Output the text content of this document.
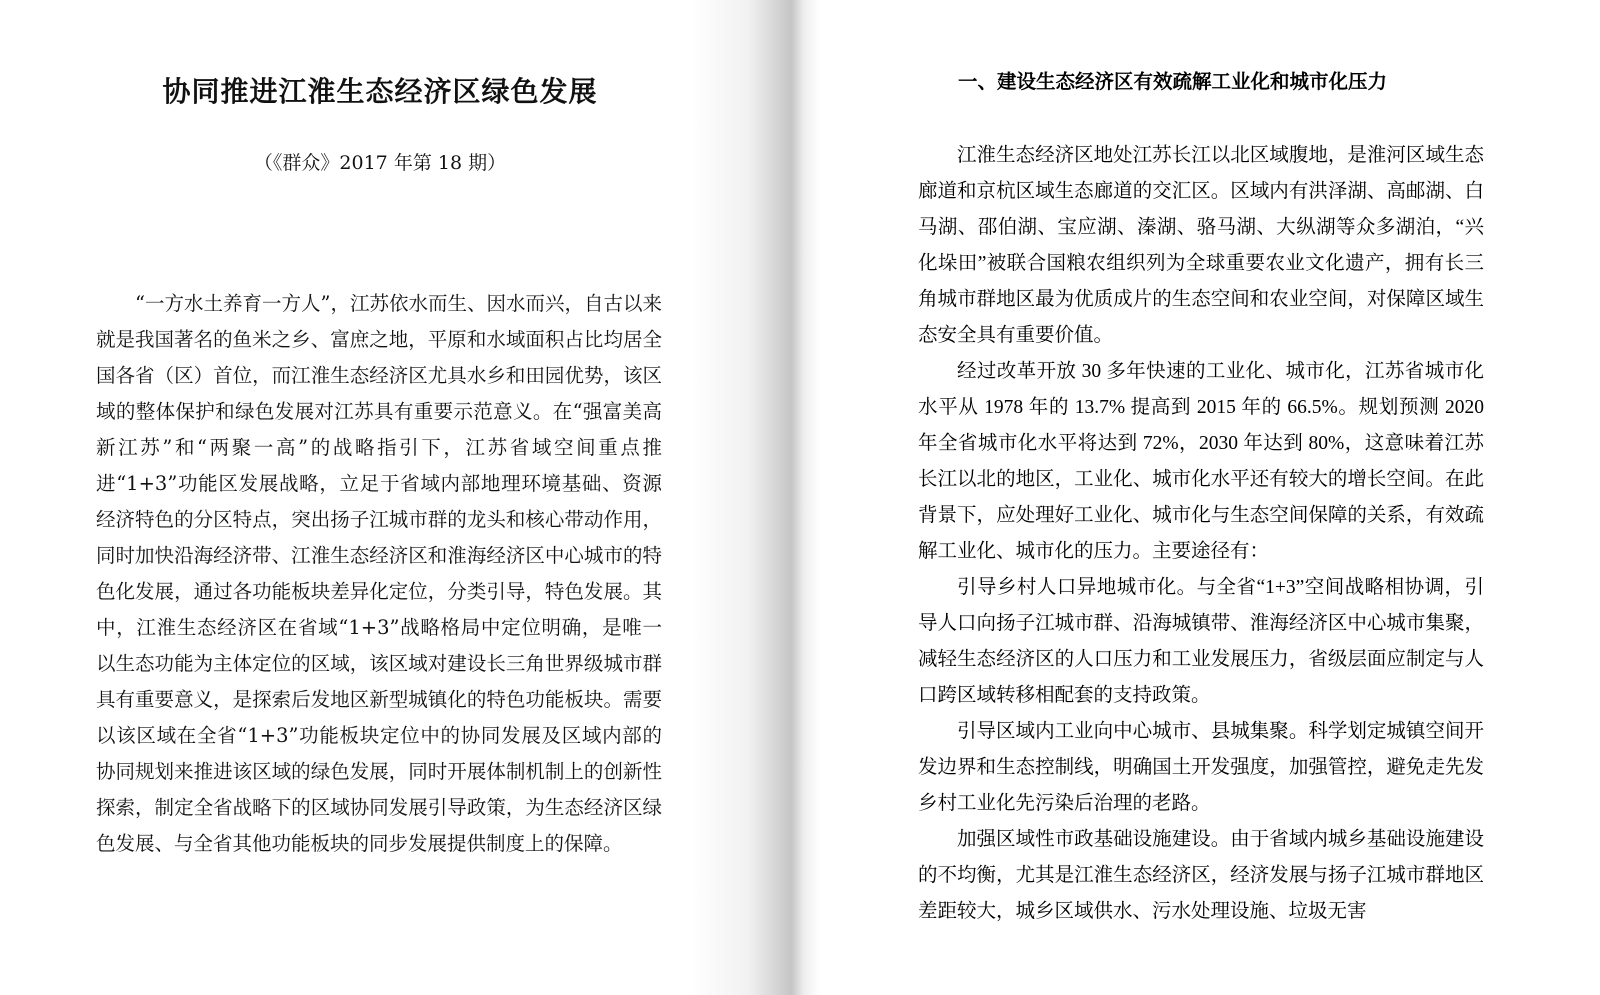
协同推进江淮生态经济区绿色发展

（《群众》2017 年第 18 期）

“一方水土养育一方人”，江苏依水而生、因水而兴，自古以来就是我国著名的鱼米之乡、富庶之地，平原和水域面积占比均居全国各省（区）首位，而江淮生态经济区尤具水乡和田园优势，该区域的整体保护和绿色发展对江苏具有重要示范意义。在“强富美高新江苏”和“两聚一高”的战略指引下，江苏省域空间重点推进“1+3”功能区发展战略，立足于省域内部地理环境基础、资源经济特色的分区特点，突出扬子江城市群的龙头和核心带动作用，同时加快沿海经济带、江淮生态经济区和淮海经济区中心城市的特色化发展，通过各功能板块差异化定位，分类引导，特色发展。其中，江淮生态经济区在省域“1+3”战略格局中定位明确，是唯一以生态功能为主体定位的区域，该区域对建设长三角世界级城市群具有重要意义，是探索后发地区新型城镇化的特色功能板块。需要以该区域在全省“1+3”功能板块定位中的协同发展及区域内部的协同规划来推进该区域的绿色发展，同时开展体制机制上的创新性探索，制定全省战略下的区域协同发展引导政策，为生态经济区绿色发展、与全省其他功能板块的同步发展提供制度上的保障。

一、建设生态经济区有效疏解工业化和城市化压力

江淮生态经济区地处江苏长江以北区域腹地，是淮河区域生态廊道和京杭区域生态廊道的交汇区。区域内有洪泽湖、高邮湖、白马湖、邵伯湖、宝应湖、溱湖、骆马湖、大纵湖等众多湖泊，“兴化垛田”被联合国粮农组织列为全球重要农业文化遗产，拥有长三角城市群地区最为优质成片的生态空间和农业空间，对保障区域生态安全具有重要价值。

经过改革开放 30 多年快速的工业化、城市化，江苏省城市化水平从 1978 年的 13.7% 提高到 2015 年的 66.5%。规划预测 2020 年全省城市化水平将达到 72%，2030 年达到 80%，这意味着江苏长江以北的地区，工业化、城市化水平还有较大的增长空间。在此背景下，应处理好工业化、城市化与生态空间保障的关系，有效疏解工业化、城市化的压力。主要途径有：

引导乡村人口异地城市化。与全省“1+3”空间战略相协调，引导人口向扬子江城市群、沿海城镇带、淮海经济区中心城市集聚，减轻生态经济区的人口压力和工业发展压力，省级层面应制定与人口跨区域转移相配套的支持政策。

引导区域内工业向中心城市、县城集聚。科学划定城镇空间开发边界和生态控制线，明确国土开发强度，加强管控，避免走先发乡村工业化先污染后治理的老路。

加强区域性市政基础设施建设。由于省域内城乡基础设施建设的不均衡，尤其是江淮生态经济区，经济发展与扬子江城市群地区差距较大，城乡区域供水、污水处理设施、垃圾无害
